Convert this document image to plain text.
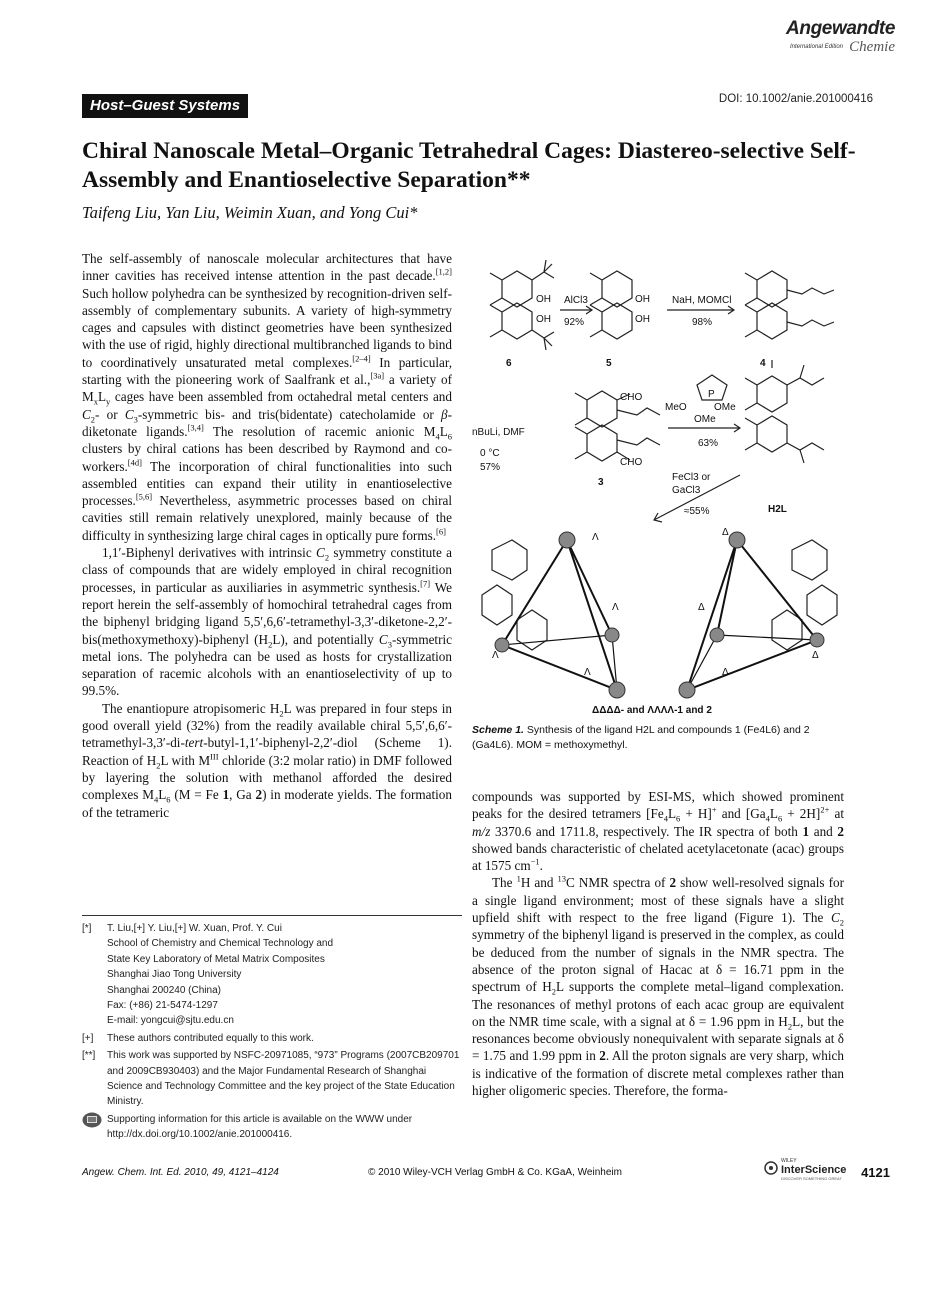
Angewandte
International Edition Chemie
Host–Guest Systems	DOI: 10.1002/anie.201000416
Chiral Nanoscale Metal–Organic Tetrahedral Cages: Diastereo-selective Self-Assembly and Enantioselective Separation**
Taifeng Liu, Yan Liu, Weimin Xuan, and Yong Cui*

The self-assembly of nanoscale molecular architectures that have inner cavities has received intense attention in the past decade.[1,2] Such hollow polyhedra can be synthesized by recognition-driven self-assembly of complementary subunits. A variety of high-symmetry cages and capsules with distinct geometries have been synthesized with the use of rigid, highly directional multibranched ligands to bind to coordinatively unsaturated metal complexes.[2–4] In particular, starting with the pioneering work of Saalfrank et al.,[3a] a variety of $M_xL_y$ cages have been assembled from octahedral metal centers and $C_2-$ or $C_3$-symmetric bis- and tris(bidentate) catecholamide or β-diketonate ligands.[3,4] The resolution of racemic anionic $M_4L_6$ clusters by chiral cations has been described by Raymond and co-workers.[4d] The incorporation of chiral functionalities into such assembled entities can expand their utility in enantioselective processes.[5,6] Nevertheless, asymmetric processes based on chiral cavities still remain relatively unexplored, mainly because of the difficulty in synthesizing large chiral cages in optically pure forms.[6]

1,1′-Biphenyl derivatives with intrinsic $C_2$ symmetry constitute a class of compounds that are widely employed in chiral recognition processes, in particular as auxiliaries in asymmetric synthesis.[7] We report herein the self-assembly of homochiral tetrahedral cages from the biphenyl bridging ligand 5,5′,6,6′-tetramethyl-3,3′-diketone-2,2′-bis(methoxymethoxy)-biphenyl $(H_2L)$, and potentially $C_3$-symmetric metal ions. The polyhedra can be used as hosts for crystallization separation of racemic alcohols with an enantioselectivity of up to 99.5%.

The enantiopure atropisomeric $H_2L$ was prepared in four steps in good overall yield (32%) from the readily available chiral 5,5′,6,6′-tetramethyl-3,3′-di-tert-butyl-1,1′-biphenyl-2,2′-diol (Scheme 1). Reaction of $H_2L$ with $M^{III}$ chloride (3:2 molar ratio) in DMF followed by layering the solution with methanol afforded the desired complexes $M_4L_6$ (M = Fe 1, Ga 2) in moderate yields. The formation of the tetrameric

[*] T. Liu,[+] Y. Liu,[+] W. Xuan, Prof. Y. Cui
School of Chemistry and Chemical Technology and
State Key Laboratory of Metal Matrix Composites
Shanghai Jiao Tong University
Shanghai 200240 (China)
Fax: (+86) 21-5474-1297
E-mail: yongcui@sjtu.edu.cn
[+] These authors contributed equally to this work.
[**] This work was supported by NSFC-20971085, “973” Programs (2007CB209701 and 2009CB930403) and the Major Fundamental Research of Shanghai Science and Technology Committee and the key project of the State Education Ministry.
Supporting information for this article is available on the WWW under http://dx.doi.org/10.1002/anie.201000416.
OH
OH
OH
OH
6	5	4
AlCl3
92%
NaH, MOMCl
98%
CHO
CHO
nBuLi, DMF
0 °C
57%
3
P
MeO	OMe
OMe
63%
FeCl3 or
GaCl3
≈55%	H2L
Λ
Λ
Λ
Λ
Δ
Δ
Δ
Δ
ΔΔΔΔ- and ΛΛΛΛ-1 and 2
Scheme 1. Synthesis of the ligand H2L and compounds 1 (Fe4L6) and 2 (Ga4L6). MOM = methoxymethyl.

compounds was supported by ESI-MS, which showed prominent peaks for the desired tetramers $[Fe_4L_6 + H]^+$ and $[Ga_4L_6 + 2H]^{2+}$ at m/z 3370.6 and 1711.8, respectively. The IR spectra of both 1 and 2 showed bands characteristic of chelated acetylacetonate (acac) groups at 1575 $cm^{-1}$.

The $^1$H and $^{13}$C NMR spectra of 2 show well-resolved signals for a single ligand environment; most of these signals have a slight upfield shift with respect to the free ligand (Figure 1). The $C_2$ symmetry of the biphenyl ligand is preserved in the complex, as could be deduced from the number of signals in the NMR spectra. The absence of the proton signal of Hacac at δ = 16.71 ppm in the spectrum of $H_2L$ supports the complete metal–ligand complexation. The resonances of methyl protons of each acac group are equivalent on the NMR time scale, with a signal at δ = 1.96 ppm in $H_2L$, but the resonances become obviously nonequivalent with separate signals at δ = 1.75 and 1.99 ppm in 2. All the proton signals are very sharp, which is indicative of the formation of discrete metal complexes rather than higher oligomeric species. Therefore, the forma-

Angew. Chem. Int. Ed. 2010, 49, 4121–4124	© 2010 Wiley-VCH Verlag GmbH & Co. KGaA, Weinheim
WILEY
InterScience
DISCOVER SOMETHING GREAT 4121
